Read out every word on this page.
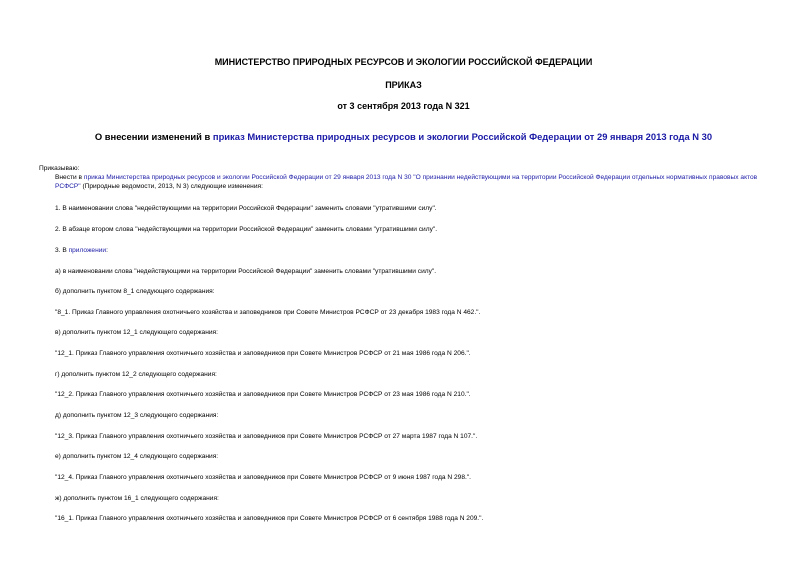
МИНИСТЕРСТВО ПРИРОДНЫХ РЕСУРСОВ И ЭКОЛОГИИ РОССИЙСКОЙ ФЕДЕРАЦИИ
ПРИКАЗ
от 3 сентября 2013 года N 321
О внесении изменений в приказ Министерства природных ресурсов и экологии Российской Федерации от 29 января 2013 года N 30
Приказываю:
Внести в приказ Министерства природных ресурсов и экологии Российской Федерации от 29 января 2013 года N 30 "О признании недействующими на территории Российской Федерации отдельных нормативных правовых актов РСФСР" (Природные ведомости, 2013, N 3) следующие изменения:
1. В наименовании слова "недействующими на территории Российской Федерации" заменить словами "утратившими силу".
2. В абзаце втором слова "недействующими на территории Российской Федерации" заменить словами "утратившими силу".
3. В приложении:
а) в наименовании слова "недействующими на территории Российской Федерации" заменить словами "утратившими силу".
б) дополнить пунктом 8_1 следующего содержания:
"8_1. Приказ Главного управления охотничьего хозяйства и заповедников при Совете Министров РСФСР от 23 декабря 1983 года N 462.".
в) дополнить пунктом 12_1 следующего содержания:
"12_1. Приказ Главного управления охотничьего хозяйства и заповедников при Совете Министров РСФСР от 21 мая 1986 года N 206.".
г) дополнить пунктом 12_2 следующего содержания:
"12_2. Приказ Главного управления охотничьего хозяйства и заповедников при Совете Министров РСФСР от 23 мая 1986 года N 210.".
д) дополнить пунктом 12_3 следующего содержания:
"12_3. Приказ Главного управления охотничьего хозяйства и заповедников при Совете Министров РСФСР от 27 марта 1987 года N 107.".
е) дополнить пунктом 12_4 следующего содержания:
"12_4. Приказ Главного управления охотничьего хозяйства и заповедников при Совете Министров РСФСР от 9 июня 1987 года N 298.".
ж) дополнить пунктом 16_1 следующего содержания:
"16_1. Приказ Главного управления охотничьего хозяйства и заповедников при Совете Министров РСФСР от 6 сентября 1988 года N 209.".
